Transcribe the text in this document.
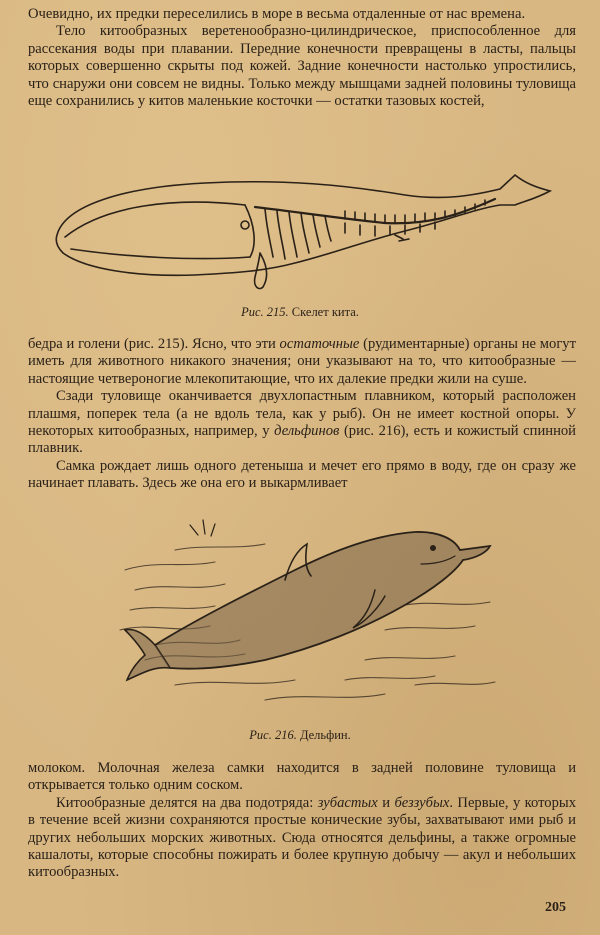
Очевидно, их предки переселились в море в весьма отдаленные от нас времена.

Тело китообразных веретенообразно-цилиндрическое, приспособленное для рассекания воды при плавании. Передние конечности превращены в ласты, пальцы которых совершенно скрыты под кожей. Задние конечности настолько упростились, что снаружи они совсем не видны. Только между мышцами задней половины туловища еще сохранились у китов маленькие косточки — остатки тазовых костей,

Рис. 215. Скелет кита.

бедра и голени (рис. 215). Ясно, что эти остаточные (рудиментарные) органы не могут иметь для животного никакого значения; они указывают на то, что китообразные — настоящие четвероногие млекопитающие, что их далекие предки жили на суше.

Сзади туловище оканчивается двухлопастным плавником, который расположен плашмя, поперек тела (а не вдоль тела, как у рыб). Он не имеет костной опоры. У некоторых китообразных, например, у дельфинов (рис. 216), есть и кожистый спинной плавник.

Самка рождает лишь одного детеныша и мечет его прямо в воду, где он сразу же начинает плавать. Здесь же она его и выкармливает

Рис. 216. Дельфин.

молоком. Молочная железа самки находится в задней половине туловища и открывается только одним соском.

Китообразные делятся на два подотряда: зубастых и беззубых. Первые, у которых в течение всей жизни сохраняются простые конические зубы, захватывают ими рыб и других небольших морских животных. Сюда относятся дельфины, а также огромные кашалоты, которые способны пожирать и более крупную добычу — акул и небольших китообразных.

205
